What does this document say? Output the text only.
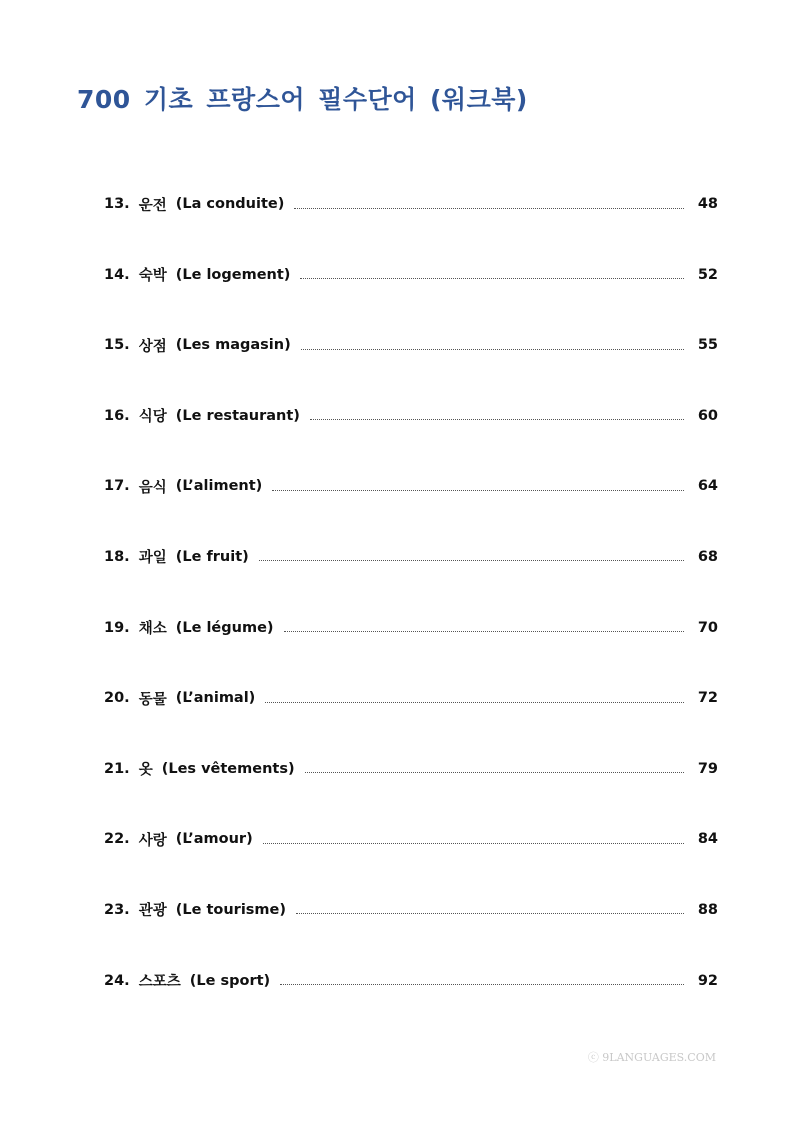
700 기초 프랑스어 필수단어 (워크북)
13. 운전 (La conduite)	48
14. 숙박 (Le logement)	52
15. 상점 (Les magasin)	55
16. 식당 (Le restaurant)	60
17. 음식 (L’aliment)	64
18. 과일 (Le fruit)	68
19. 채소 (Le légume)	70
20. 동물 (L’animal)	72
21. 옷 (Les vêtements)	79
22. 사랑 (L’amour)	84
23. 관광 (Le tourisme)	88
24. 스포츠 (Le sport)	92
ⓒ 9LANGUAGES.COM
